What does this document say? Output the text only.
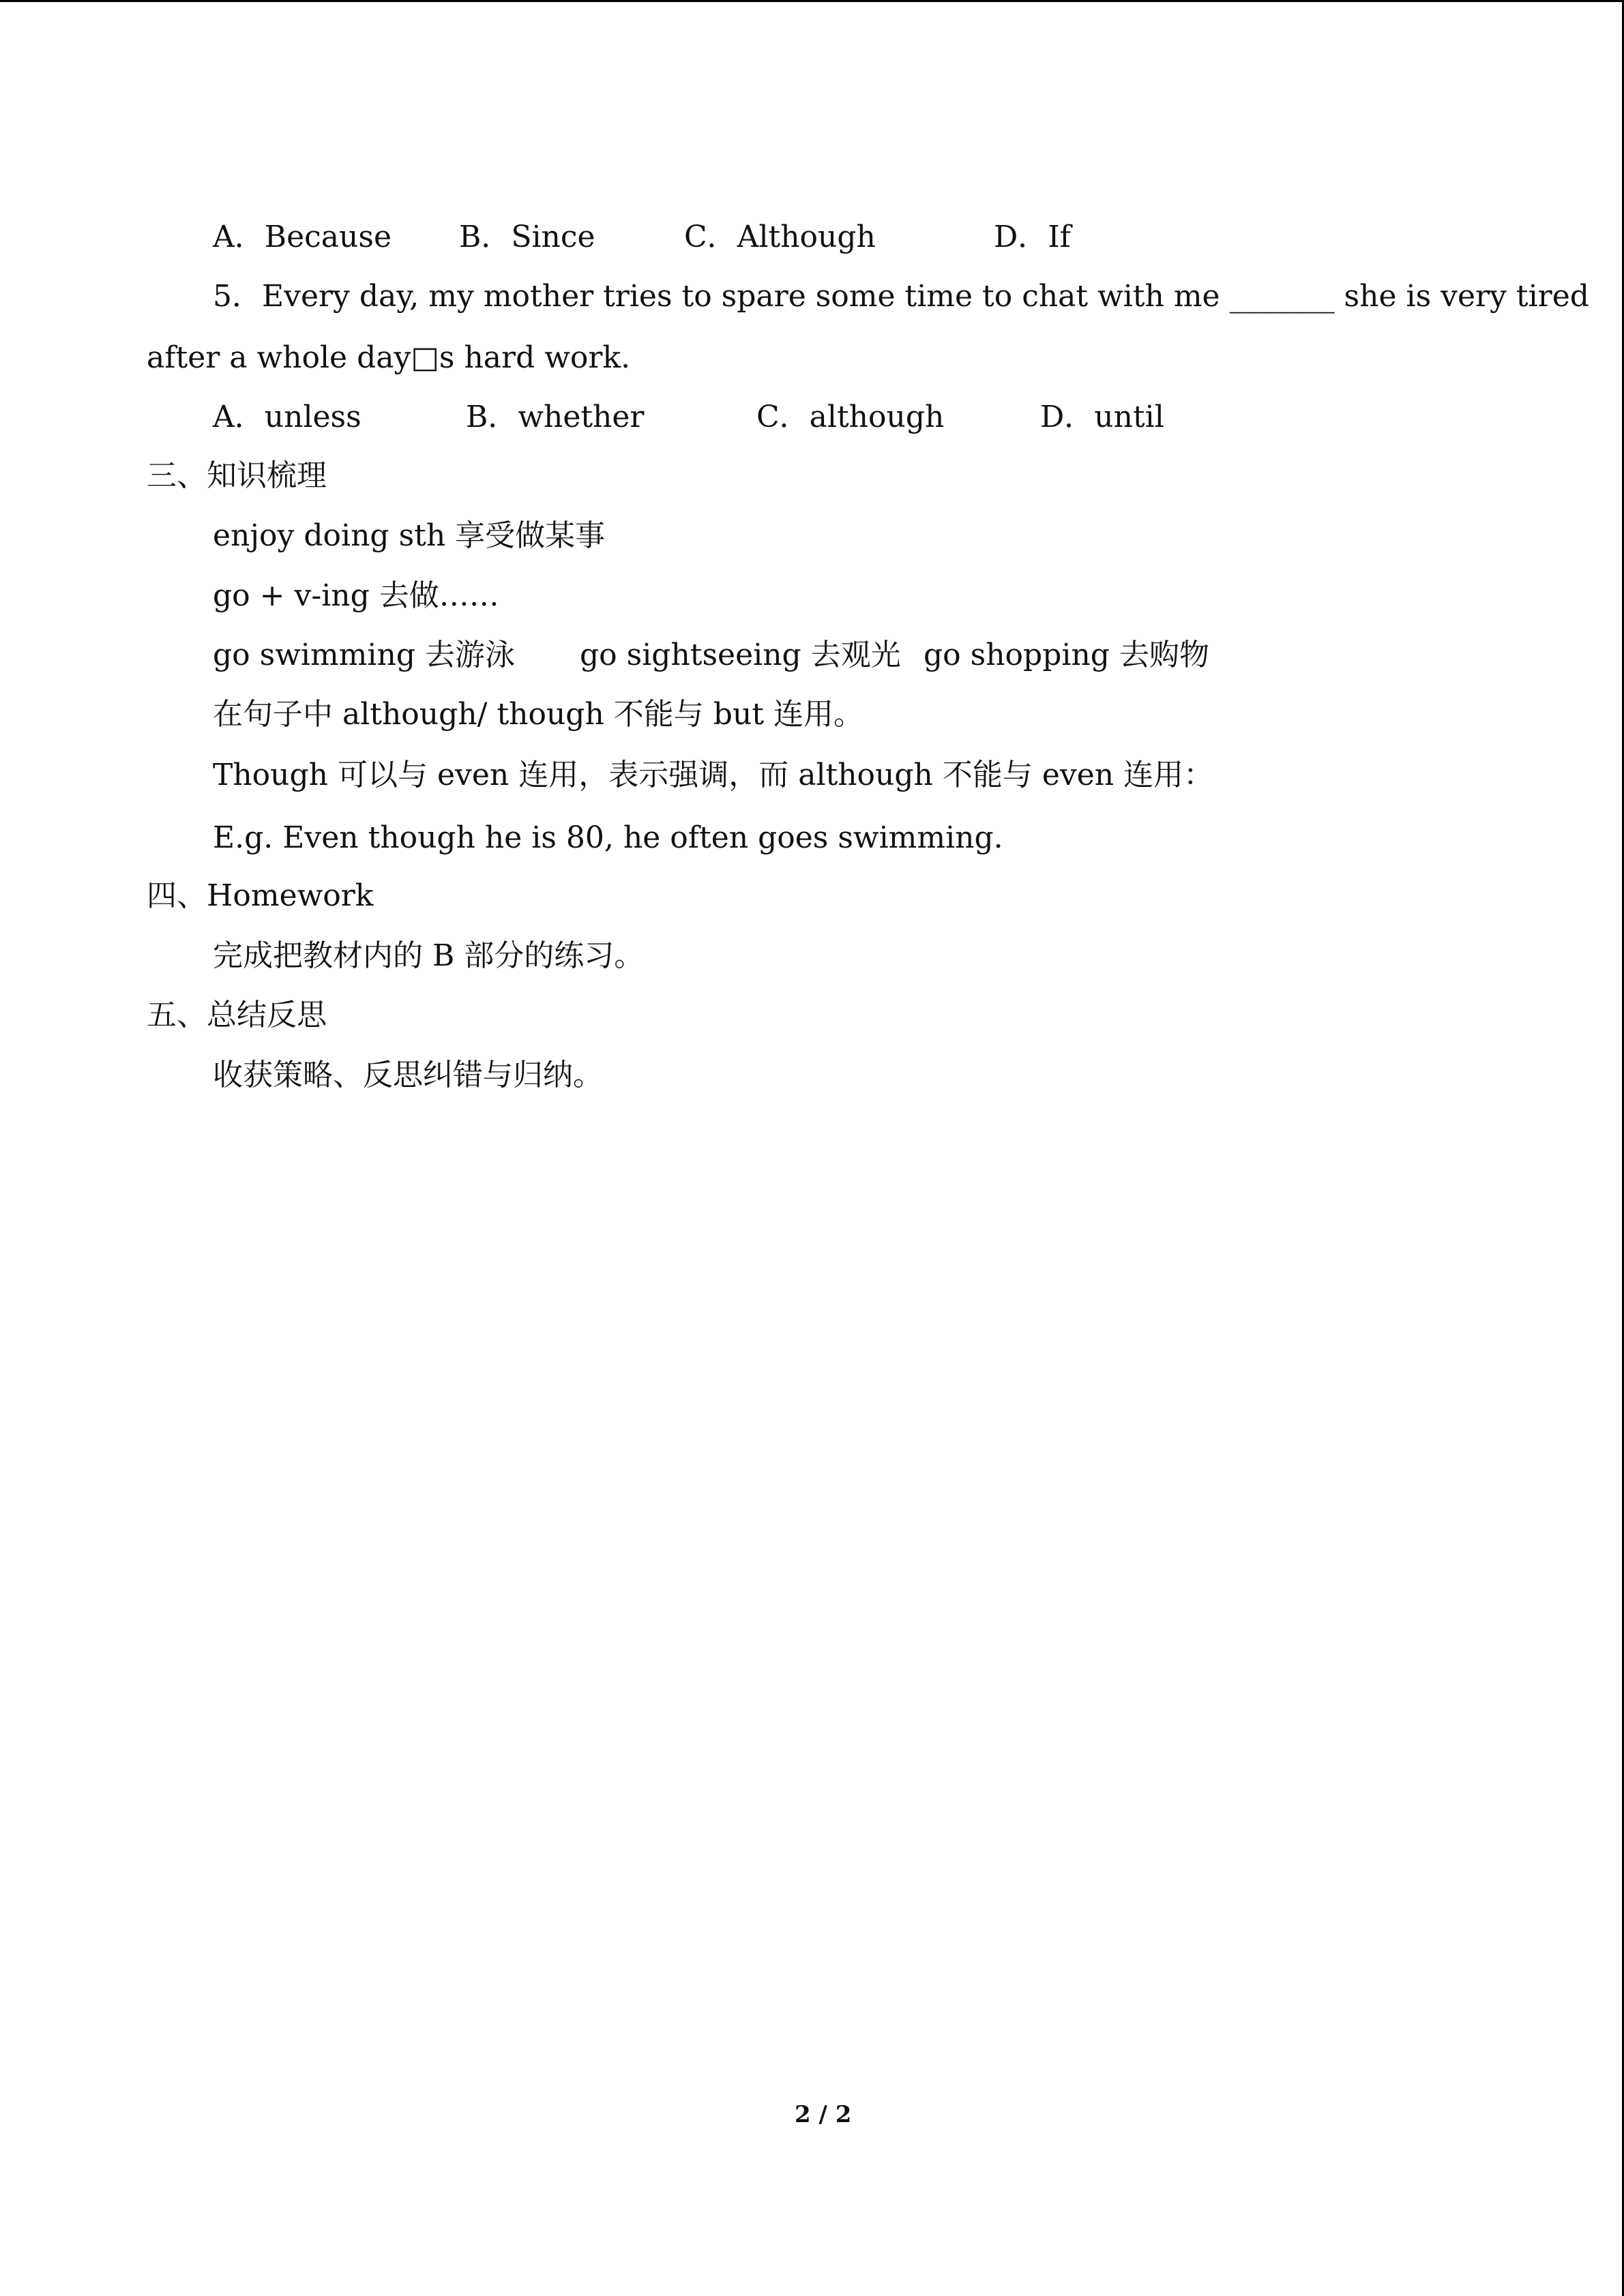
A．Because B．Since	C．Although	D．If
5．Every day, my mother tries to spare some time to chat with me _______ she is very tired
after a whole day□s hard work.
A．unless	B．whether	C．although	D．until
三、知识梳理
enjoy doing sth 享受做某事
go + v-ing 去做……
go swimming 去游泳 go sightseeing 去观光 go shopping 去购物
在句子中 although/ though 不能与 but 连用。
Though 可以与 even 连用，表示强调，而 although 不能与 even 连用：
E.g. Even though he is 80, he often goes swimming.
四、Homework
完成把教材内的 B 部分的练习。
五、总结反思
收获策略、反思纠错与归纳。
2 / 2
